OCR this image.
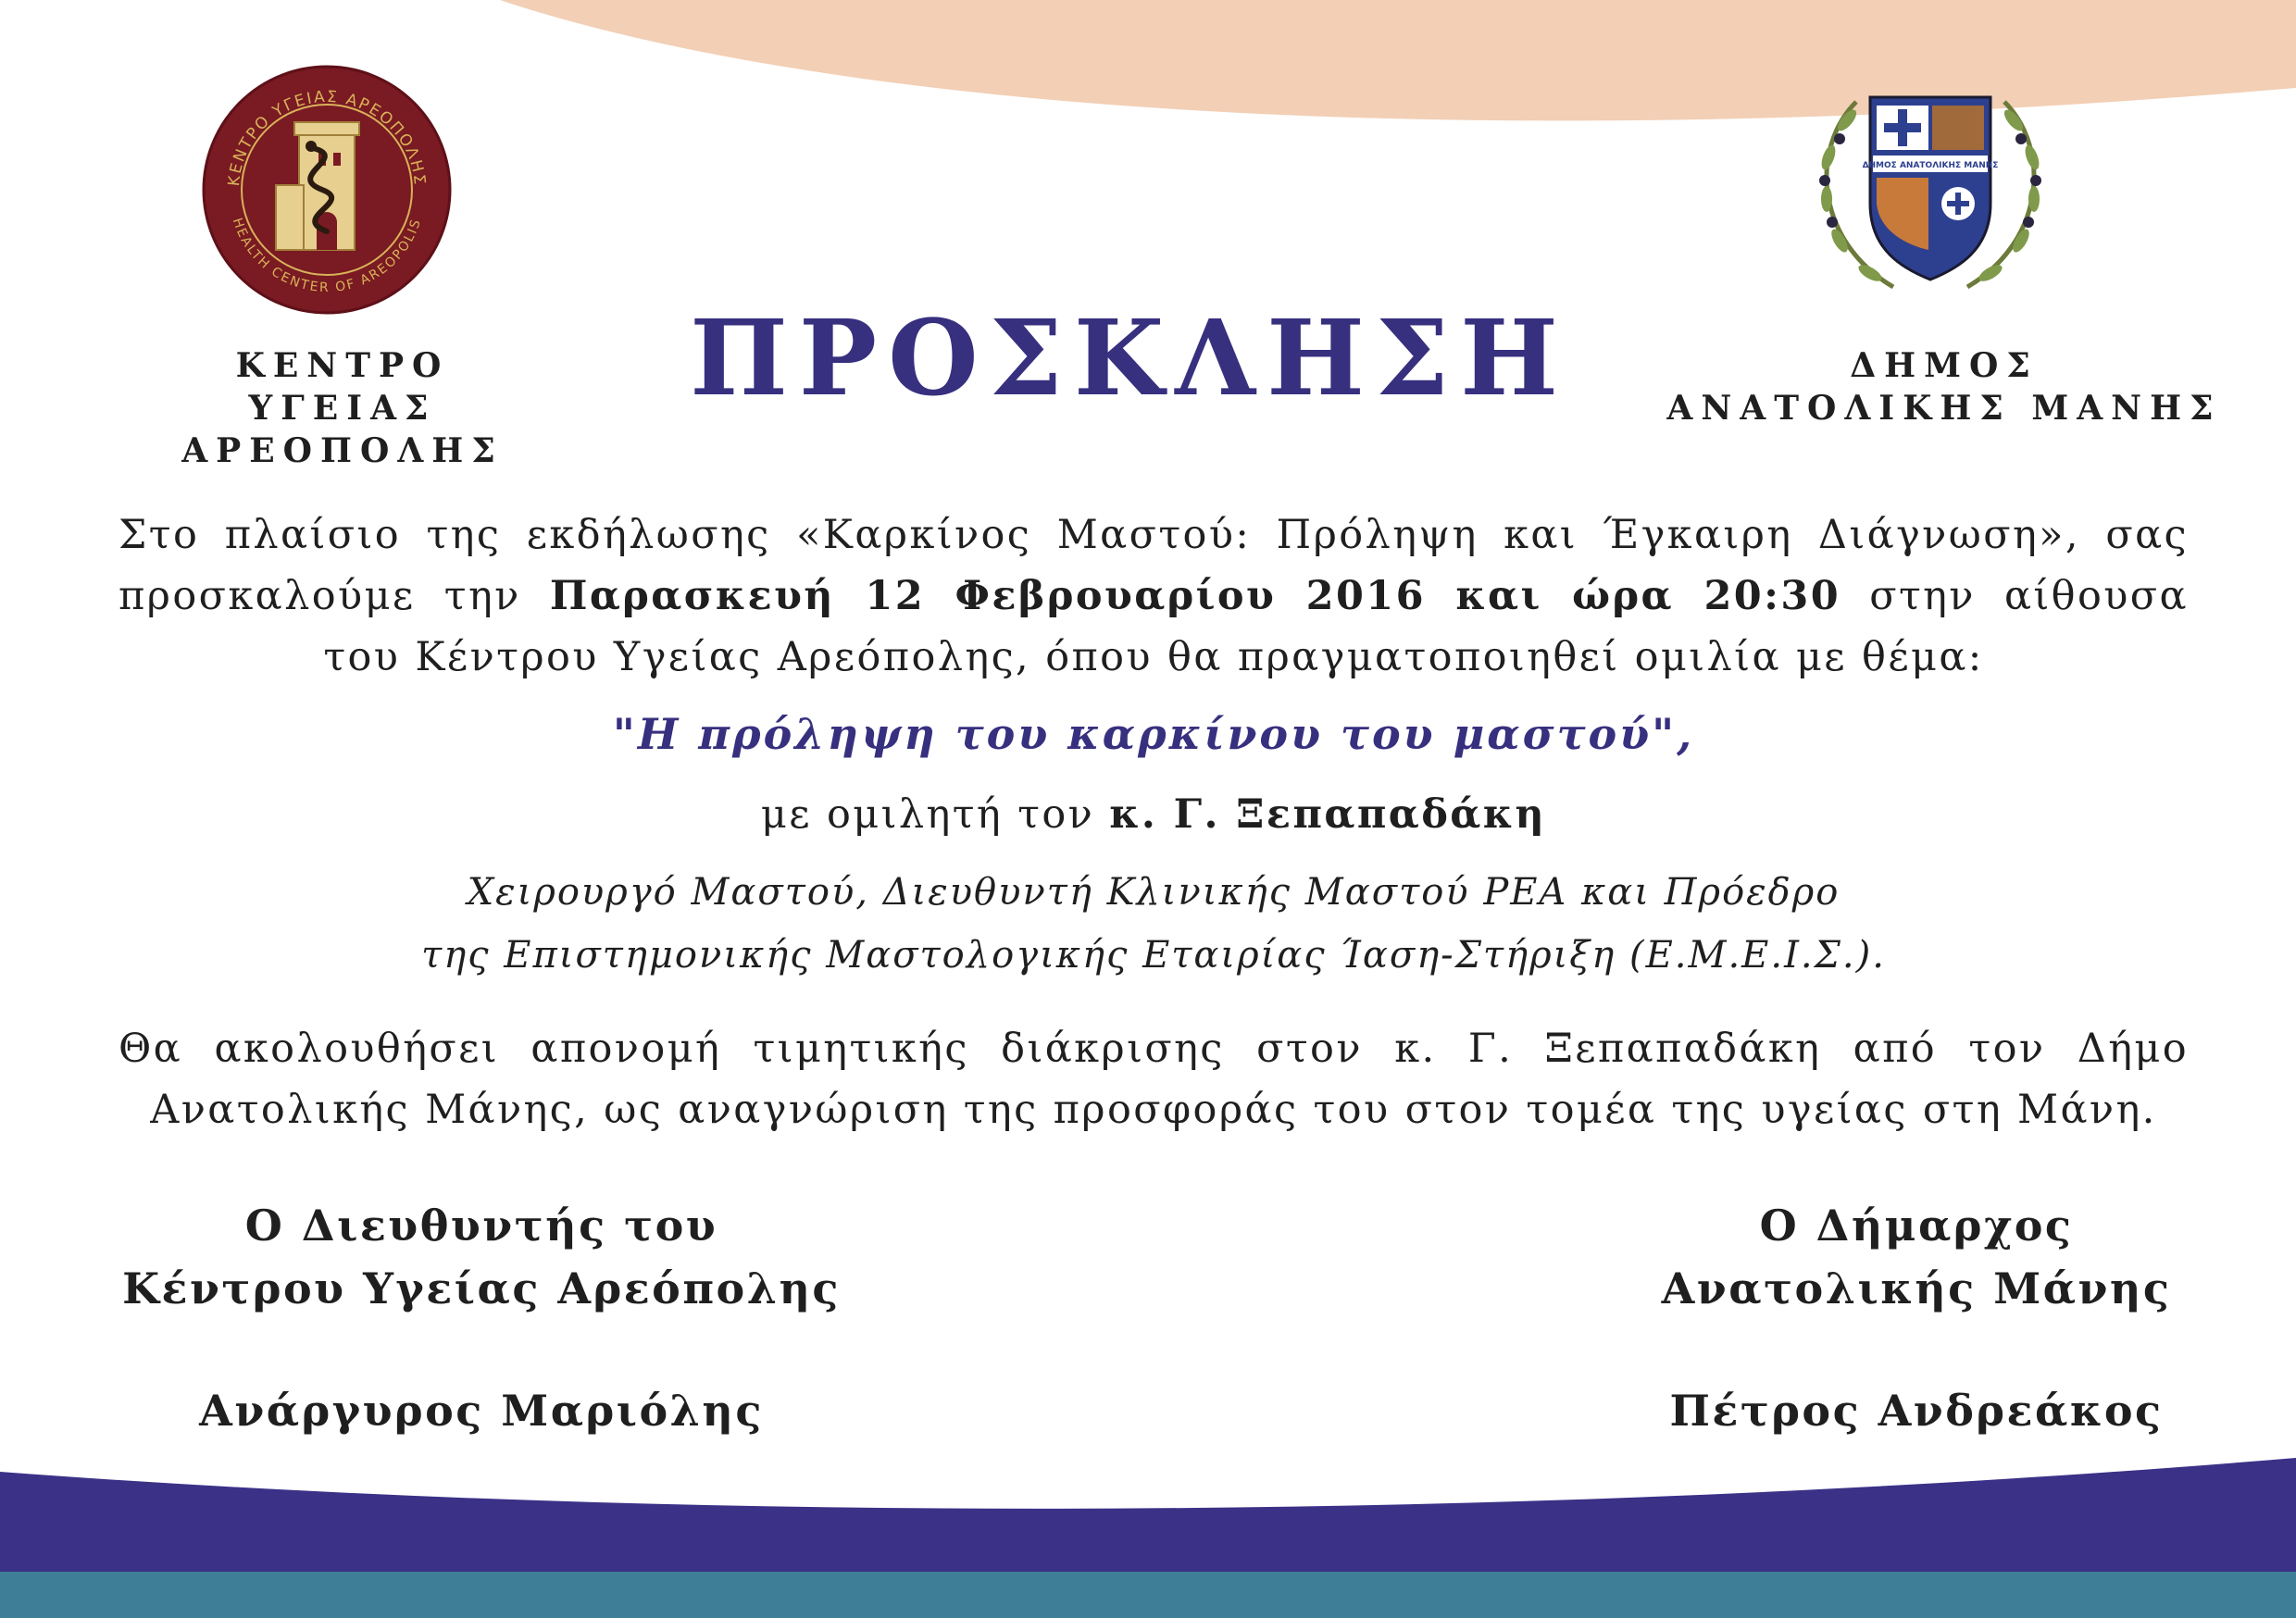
ΚΕΝΤΡΟ ΥΓΕΙΑΣ ΑΡΕΟΠΟΛΗΣ
HEALTH CENTER OF AREOPOLIS
ΔΗΜΟΣ ΑΝΑΤΟΛΙΚΗΣ ΜΑΝΗΣ
ΚΕΝΤΡΟ
ΥΓΕΙΑΣ ΑΡΕΟΠΟΛΗΣ
ΠΡΟΣΚΛΗΣΗ	ΔΗΜΟΣ
ΑΝΑΤΟΛΙΚΗΣ ΜΑΝΗΣ
Στο πλαίσιο της εκδήλωσης «Καρκίνος Μαστού: Πρόληψη και Έγκαιρη Διάγνωση», σας
προσκαλούμε την Παρασκευή 12 Φεβρουαρίου 2016 και ώρα 20:30 στην αίθουσα
του Κέντρου Υγείας Αρεόπολης, όπου θα πραγματοποιηθεί ομιλία με θέμα:
"Η πρόληψη του καρκίνου του μαστού",
με ομιλητή τον κ. Γ. Ξεπαπαδάκη
Χειρουργό Μαστού, Διευθυντή Κλινικής Μαστού ΡΕΑ και Πρόεδρο
της Επιστημονικής Μαστολογικής Εταιρίας Ίαση-Στήριξη (Ε.Μ.Ε.Ι.Σ.).
Θα ακολουθήσει απονομή τιμητικής διάκρισης στον κ. Γ. Ξεπαπαδάκη από τον Δήμο
Ανατολικής Μάνης, ως αναγνώριση της προσφοράς του στον τομέα της υγείας στη Μάνη.
Ο Διευθυντής του
Κέντρου Υγείας Αρεόπολης
Ανάργυρος Μαριόλης
Ο Δήμαρχος
Ανατολικής Μάνης
Πέτρος Ανδρεάκος
